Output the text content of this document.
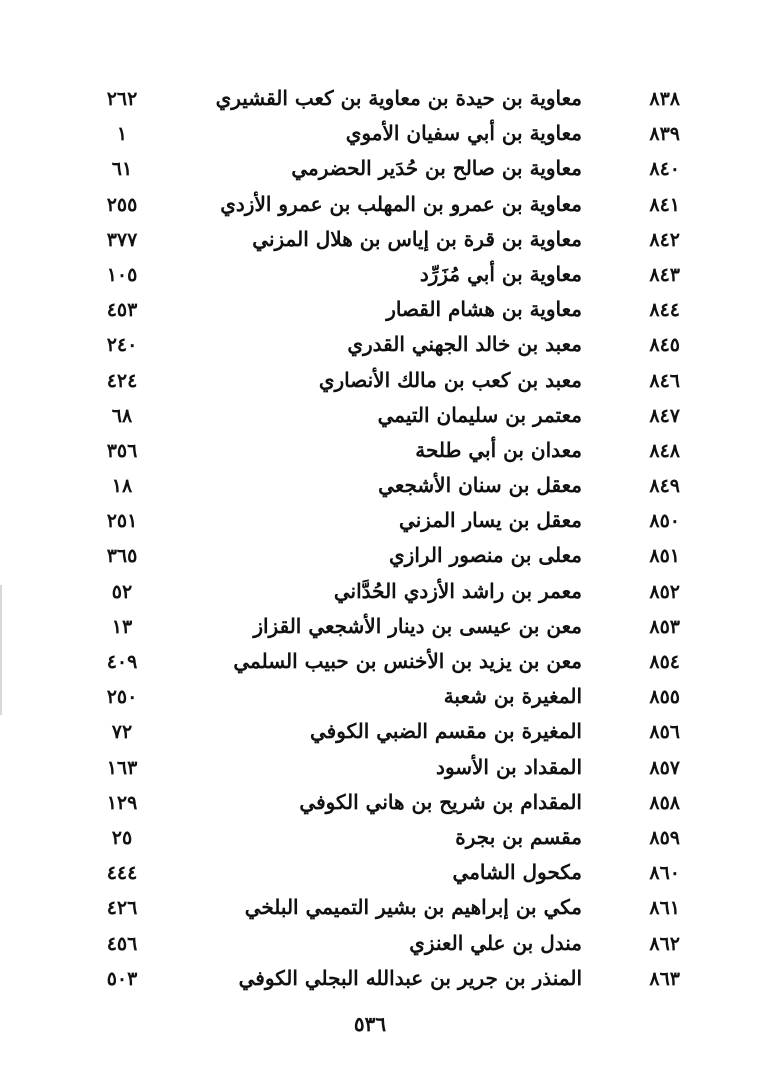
٨٣٨
معاوية بن حيدة بن معاوية بن كعب القشيري
٢٦٢
٨٣٩
معاوية بن أبي سفيان الأموي
١
٨٤٠
معاوية بن صالح بن حُدَير الحضرمي
٦١
٨٤١
معاوية بن عمرو بن المهلب بن عمرو الأزدي
٢٥٥
٨٤٢
معاوية بن قرة بن إياس بن هلال المزني
٣٧٧
٨٤٣
معاوية بن أبي مُزَرِّد
١٠٥
٨٤٤
معاوية بن هشام القصار
٤٥٣
٨٤٥
معبد بن خالد الجهني القدري
٢٤٠
٨٤٦
معبد بن كعب بن مالك الأنصاري
٤٢٤
٨٤٧
معتمر بن سليمان التيمي
٦٨
٨٤٨
معدان بن أبي طلحة
٣٥٦
٨٤٩
معقل بن سنان الأشجعي
١٨
٨٥٠
معقل بن يسار المزني
٢٥١
٨٥١
معلى بن منصور الرازي
٣٦٥
٨٥٢
معمر بن راشد الأزدي الحُدَّاني
٥٢
٨٥٣
معن بن عيسى بن دينار الأشجعي القزاز
١٣
٨٥٤
معن بن يزيد بن الأخنس بن حبيب السلمي
٤٠٩
٨٥٥
المغيرة بن شعبة
٢٥٠
٨٥٦
المغيرة بن مقسم الضبي الكوفي
٧٢
٨٥٧
المقداد بن الأسود
١٦٣
٨٥٨
المقدام بن شريح بن هاني الكوفي
١٢٩
٨٥٩
مقسم بن بجرة
٢٥
٨٦٠
مكحول الشامي
٤٤٤
٨٦١
مكي بن إبراهيم بن بشير التميمي البلخي
٤٢٦
٨٦٢
مندل بن علي العنزي
٤٥٦
٨٦٣
المنذر بن جرير بن عبدالله البجلي الكوفي
٥٠٣
٥٣٦
